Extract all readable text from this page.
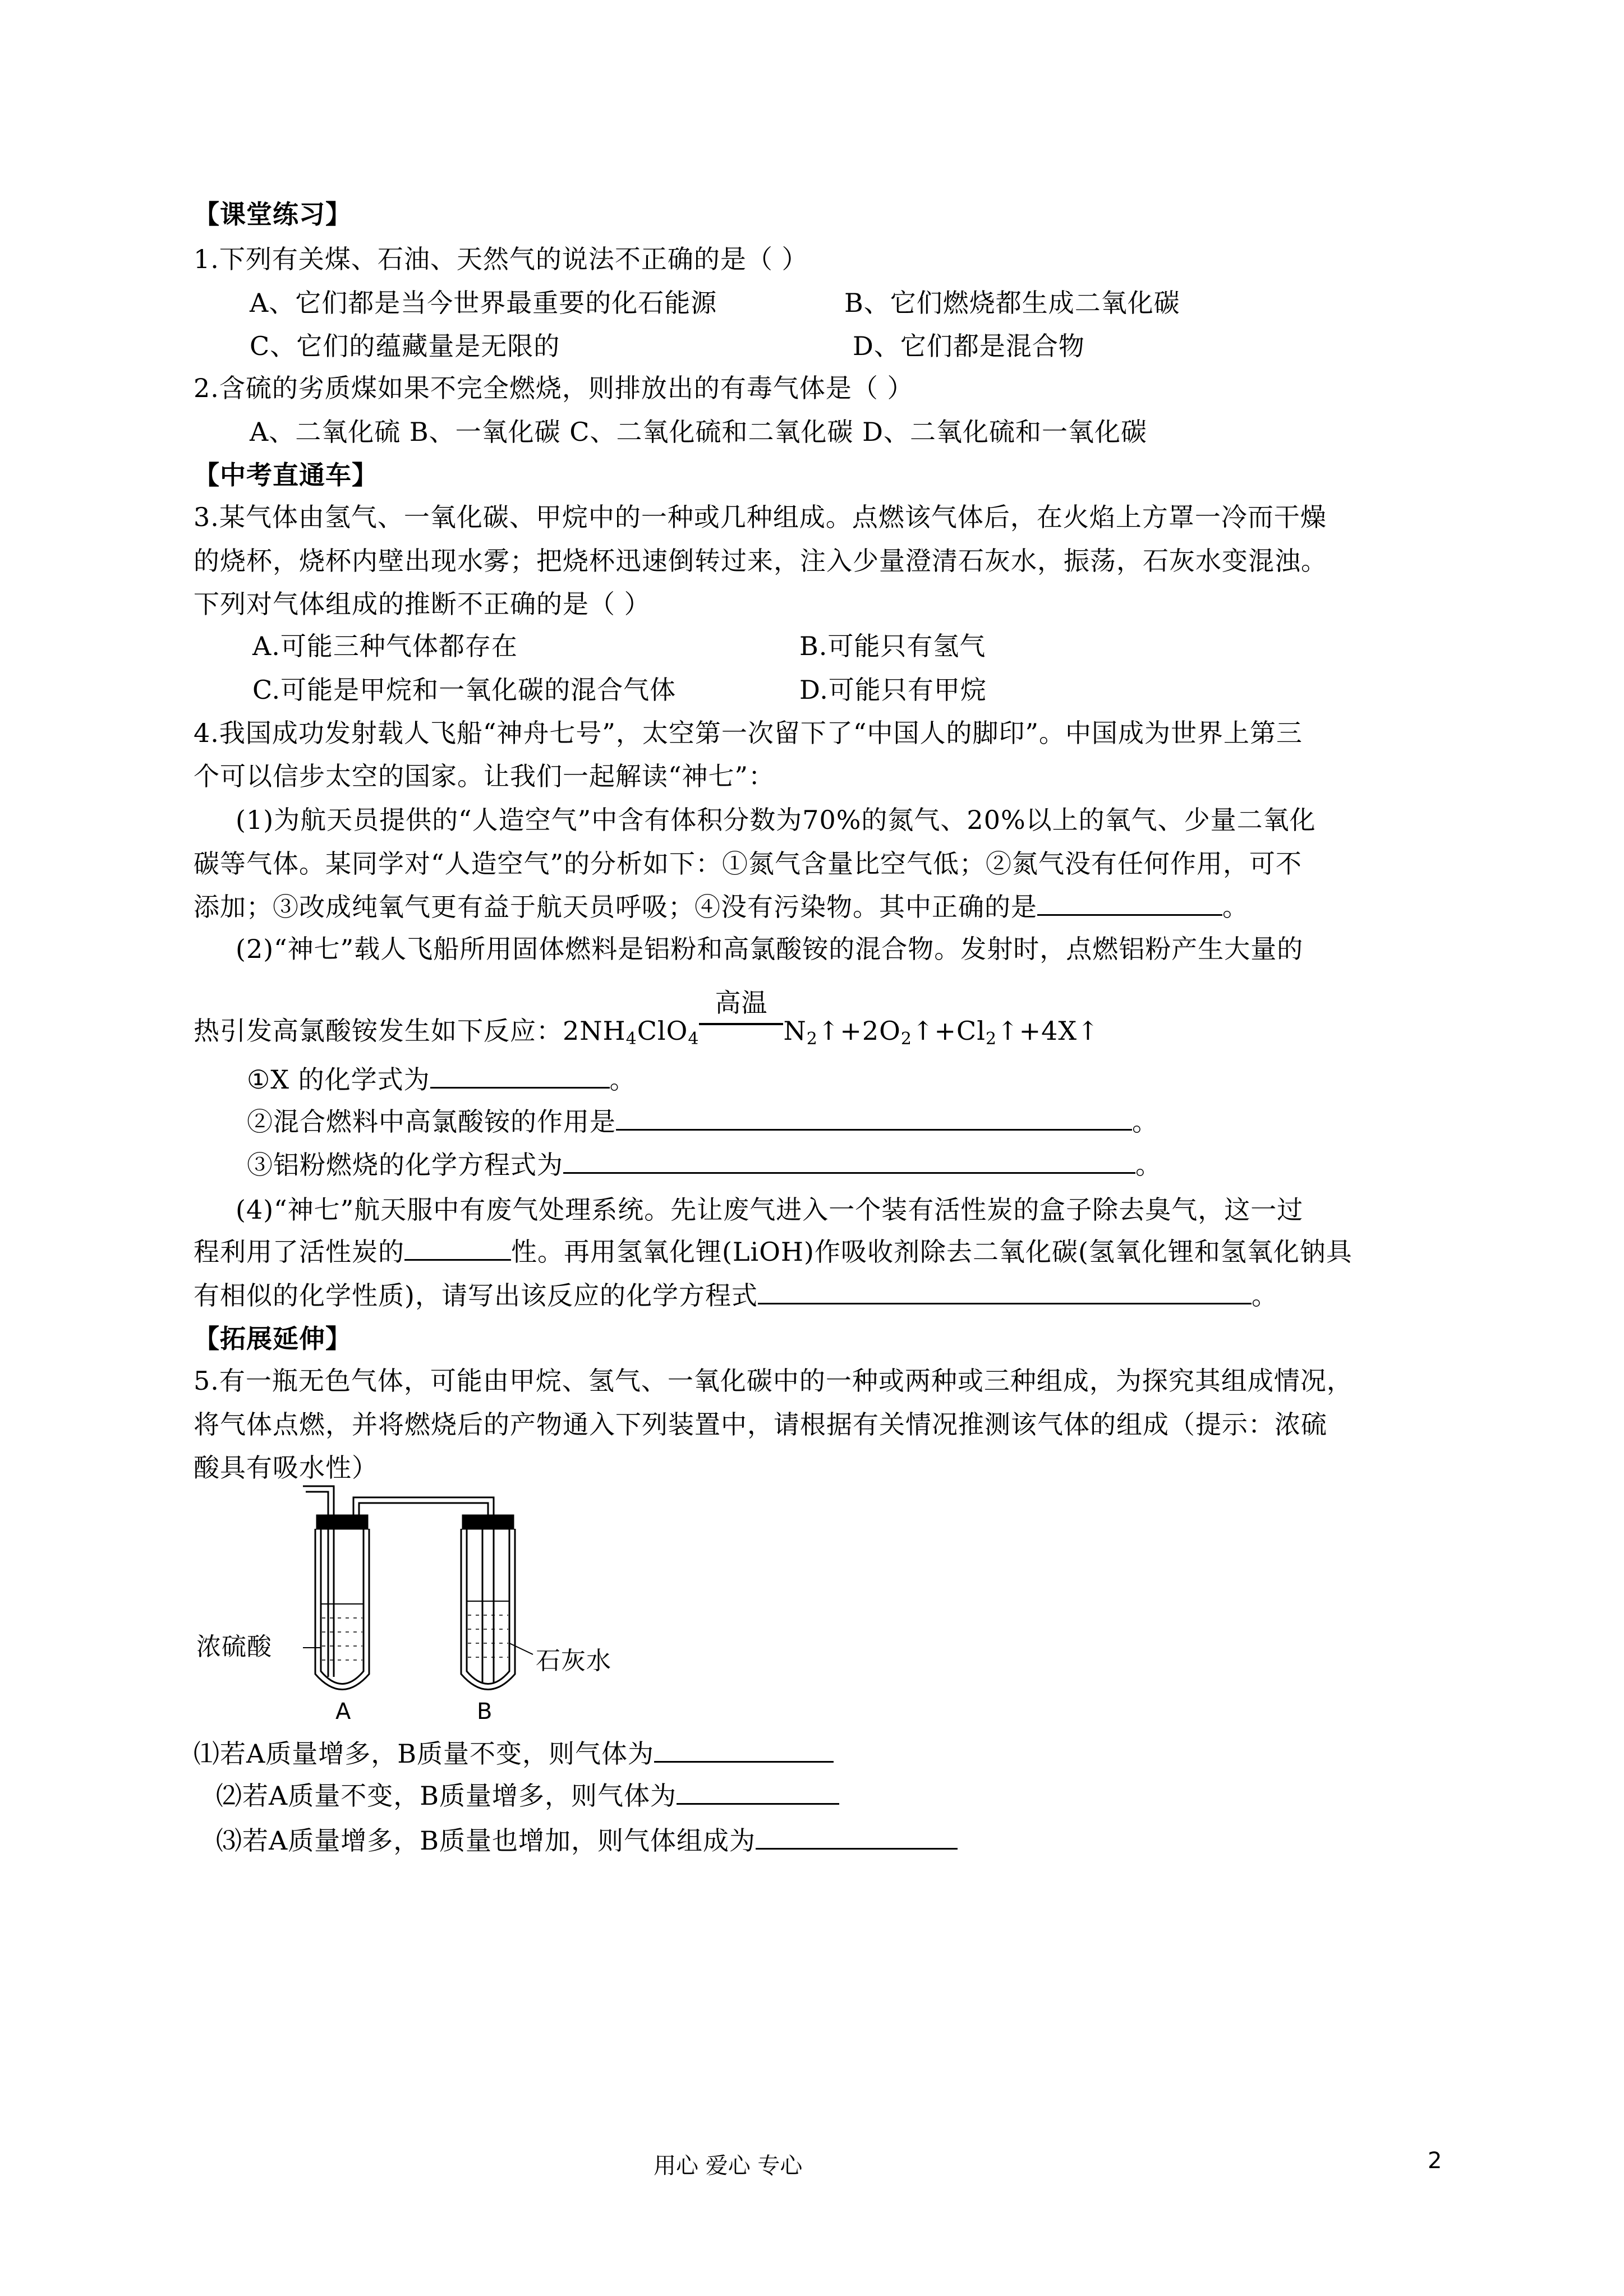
【课堂练习】
1.下列有关煤、石油、天然气的说法不正确的是（ ）
A、它们都是当今世界最重要的化石能源	B、它们燃烧都生成二氧化碳
C、它们的蕴藏量是无限的	D、它们都是混合物
2.含硫的劣质煤如果不完全燃烧，则排放出的有毒气体是（ ）
A、二氧化硫 B、一氧化碳 C、二氧化硫和二氧化碳 D、二氧化硫和一氧化碳
【中考直通车】
3.某气体由氢气、一氧化碳、甲烷中的一种或几种组成。点燃该气体后，在火焰上方罩一冷而干燥
的烧杯，烧杯内壁出现水雾；把烧杯迅速倒转过来，注入少量澄清石灰水，振荡，石灰水变混浊。
下列对气体组成的推断不正确的是（ ）
A.可能三种气体都存在	B.可能只有氢气
C.可能是甲烷和一氧化碳的混合气体	D.可能只有甲烷
4.我国成功发射载人飞船“神舟七号”，太空第一次留下了“中国人的脚印”。中国成为世界上第三
个可以信步太空的国家。让我们一起解读“神七”：
(1)为航天员提供的“人造空气”中含有体积分数为70%的氮气、20%以上的氧气、少量二氧化
碳等气体。某同学对“人造空气”的分析如下：①氮气含量比空气低；②氮气没有任何作用，可不
添加；③改成纯氧气更有益于航天员呼吸；④没有污染物。其中正确的是	。
(2)“神七”载人飞船所用固体燃料是铝粉和高氯酸铵的混合物。发射时，点燃铝粉产生大量的
热引发高氯酸铵发生如下反应：$2NH_4ClO_4$
高温
$N_2↑+2O_2↑+Cl_2↑+4X↑$
①X 的化学式为	。
②混合燃料中高氯酸铵的作用是	。
③铝粉燃烧的化学方程式为	。
(4)“神七”航天服中有废气处理系统。先让废气进入一个装有活性炭的盒子除去臭气，这一过
程利用了活性炭的	性。再用氢氧化锂(LiOH)作吸收剂除去二氧化碳(氢氧化锂和氢氧化钠具
有相似的化学性质)，请写出该反应的化学方程式	。
【拓展延伸】
5.有一瓶无色气体，可能由甲烷、氢气、一氧化碳中的一种或两种或三种组成，为探究其组成情况，
将气体点燃，并将燃烧后的产物通入下列装置中，请根据有关情况推测该气体的组成（提示：浓硫
酸具有吸水性）
浓硫酸	石灰水
A	B
⑴若A质量增多，B质量不变，则气体为
⑵若A质量不变，B质量增多，则气体为
⑶若A质量增多，B质量也增加，则气体组成为
用心 爱心 专心	2
